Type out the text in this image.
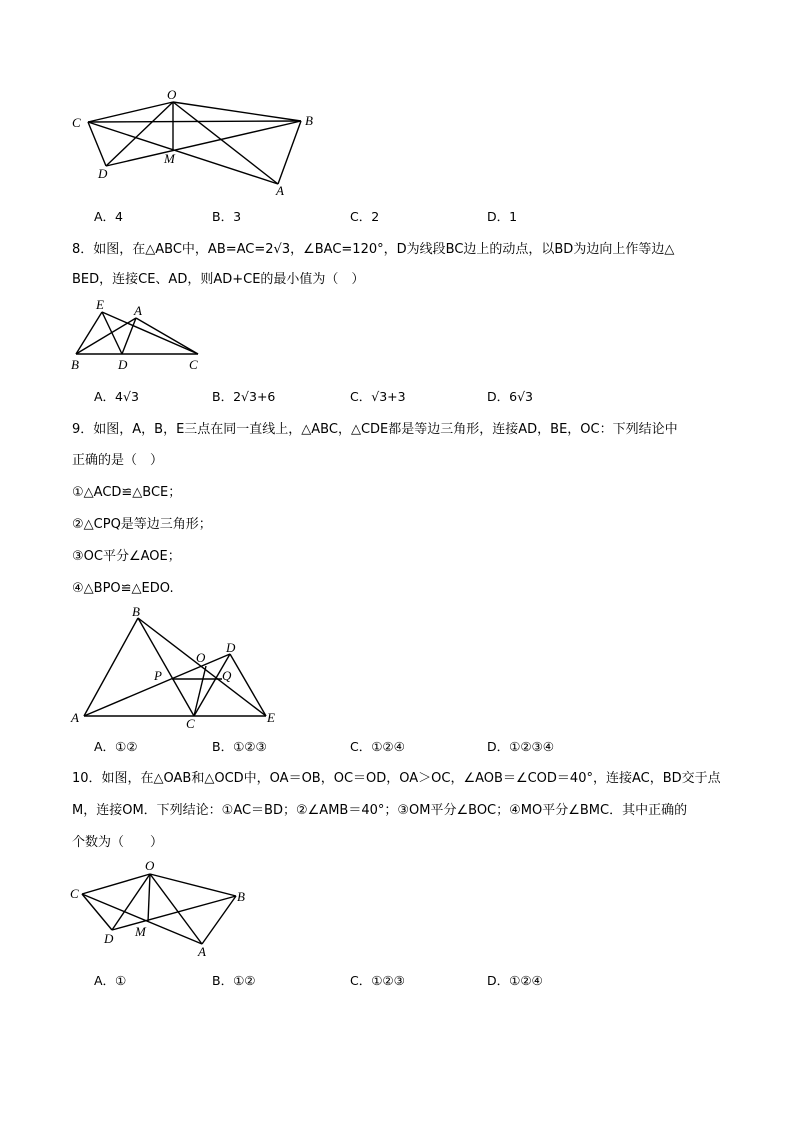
C
O
B
D
M
A
A．4	B．3	C．2	D．1
8．如图，在△ABC中，AB=AC=2√3，∠BAC=120°，D为线段BC边上的动点，以BD为边向上作等边△
BED，连接CE、AD，则AD+CE的最小值为（　）
E A
B	D	C
A．4√3	B．2√3+6	C．√3+3	D．6√3
9．如图，A，B，E三点在同一直线上，△ABC，△CDE都是等边三角形，连接AD，BE，OC：下列结论中
正确的是（　）
①△ACD≌△BCE；
②△CPQ是等边三角形；
③OC平分∠AOE；
④△BPO≌△EDO.
B
D
O
P	Q
A	C	E
A．①②	B．①②③	C．①②④	D．①②③④
10．如图，在△OAB和△OCD中，OA＝OB，OC＝OD，OA＞OC，∠AOB＝∠COD＝40°，连接AC，BD交于点
M，连接OM．下列结论：①AC＝BD；②∠AMB＝40°；③OM平分∠BOC；④MO平分∠BMC．其中正确的
个数为（　　）
O
C	B
D M
A
A．①	B．①②	C．①②③	D．①②④
